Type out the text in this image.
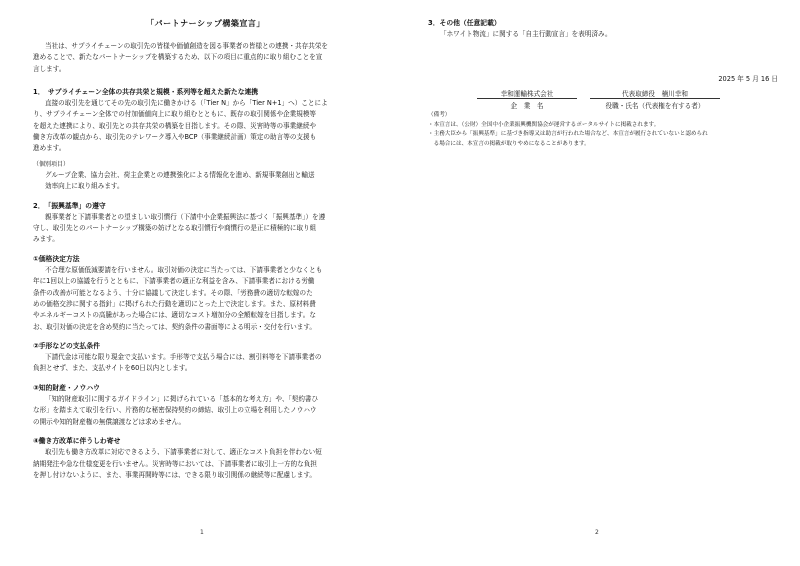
「パートナーシップ構築宣言」

当社は、サプライチェーンの取引先の皆様や価値創造を図る事業者の皆様との連携・共存共栄を

進めることで、新たなパートナーシップを構築するため、以下の項目に重点的に取り組むことを宣

言します。

1．　サプライチェーン全体の共存共栄と規模・系列等を超えた新たな連携

直接の取引先を通じてその先の取引先に働きかける（「Tier N」から「Tier N+1」へ）ことによ

り、サプライチェーン全体での付加価値向上に取り組むとともに、既存の取引関係や企業規模等

を超えた連携により、取引先との共存共栄の構築を目指します。その際、災害時等の事業継続や

働き方改革の観点から、取引先のテレワーク導入やBCP（事業継続計画）策定の助言等の支援も

進めます。

（個別項目）

グループ企業、協力会社、荷主企業との連携強化による情報化を進め、新規事業創出と輸送

効率向上に取り組みます。

2．　「振興基準」の遵守

親事業者と下請事業者との望ましい取引慣行（下請中小企業振興法に基づく「振興基準」）を遵

守し、取引先とのパートナーシップ構築の妨げとなる取引慣行や商慣行の是正に積極的に取り組

みます。

①価格決定方法

不合理な原価低減要請を行いません。取引対価の決定に当たっては、下請事業者と少なくとも

年に1回以上の協議を行うとともに、下請事業者の適正な利益を含み、下請事業者における労働

条件の改善が可能となるよう、十分に協議して決定します。その際、「労務費の適切な転嫁のた

めの価格交渉に関する指針」に掲げられた行動を適切にとった上で決定します。また、原材料費

やエネルギーコストの高騰があった場合には、適切なコスト増加分の全額転嫁を目指します。な

お、取引対価の決定を含め契約に当たっては、契約条件の書面等による明示・交付を行います。

②手形などの支払条件

下請代金は可能な限り現金で支払います。手形等で支払う場合には、割引料等を下請事業者の

負担とせず、また、支払サイトを60日以内とします。

③知的財産・ノウハウ

「知的財産取引に関するガイドライン」に掲げられている「基本的な考え方」や、「契約書ひ

な形」を踏まえて取引を行い、片務的な秘密保持契約の締結、取引上の立場を利用したノウハウ

の開示や知的財産権の無償譲渡などは求めません。

④働き方改革に伴うしわ寄せ

取引先も働き方改革に対応できるよう、下請事業者に対して、適正なコスト負担を伴わない短

納期発注や急な仕様変更を行いません。災害時等においては、下請事業者に取引上一方的な負担

を押し付けないように、また、事業再開時等には、できる限り取引関係の継続等に配慮します。

1

3．その他（任意記載）

「ホワイト物流」に関する「自主行動宣言」を表明済み。

2025 年 5 月 16 日
幸和運輸株式会社	代表取締役　楠川幸和
企　業　名	役職・氏名（代表権を有する者）

（備考）

・本宣言は、（公財）全国中小企業振興機関協会が運営するポータルサイトに掲載されます。

・主務大臣から「振興基準」に基づき指導又は助言が行われた場合など、本宣言が履行されていないと認められ

　る場合には、本宣言の掲載が取りやめになることがあります。

2
